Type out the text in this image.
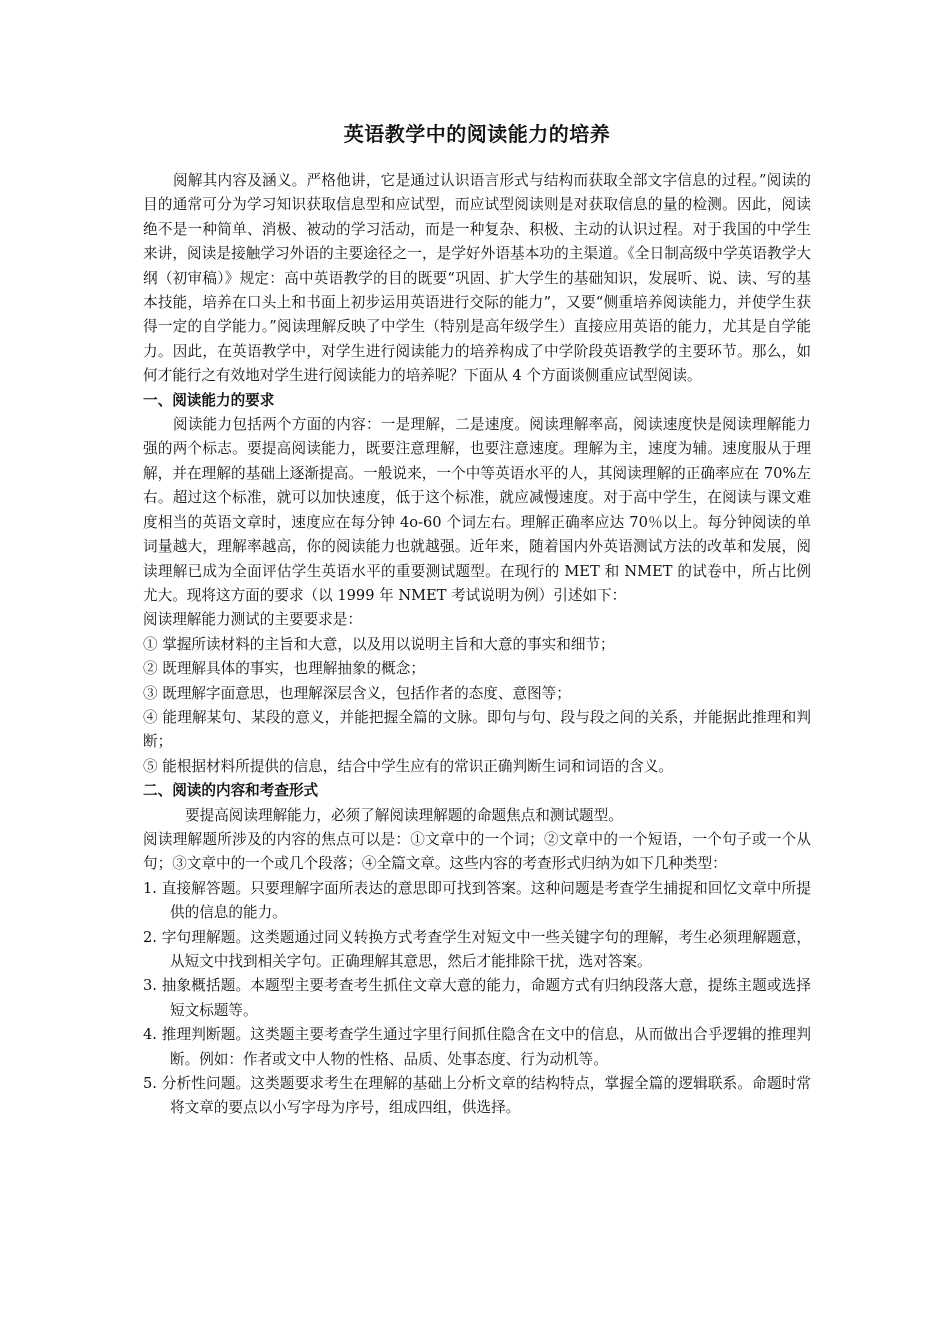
英语教学中的阅读能力的培养

阅解其内容及涵义。严格他讲，它是通过认识语言形式与结构而获取全部文字信息的过程。”阅读的目的通常可分为学习知识获取信息型和应试型，而应试型阅读则是对获取信息的量的检测。因此，阅读绝不是一种简单、消极、被动的学习活动，而是一种复杂、积极、主动的认识过程。对于我国的中学生来讲，阅读是接触学习外语的主要途径之一，是学好外语基本功的主渠道。《全日制高级中学英语教学大纲（初审稿）》规定：高中英语教学的目的既要“巩固、扩大学生的基础知识，发展听、说、读、写的基本技能，培养在口头上和书面上初步运用英语进行交际的能力”，又要“侧重培养阅读能力，并使学生获得一定的自学能力。”阅读理解反映了中学生（特别是高年级学生）直接应用英语的能力，尤其是自学能力。因此，在英语教学中，对学生进行阅读能力的培养构成了中学阶段英语教学的主要环节。那么，如何才能行之有效地对学生进行阅读能力的培养呢？下面从 4 个方面谈侧重应试型阅读。

一、阅读能力的要求

阅读能力包括两个方面的内容：一是理解，二是速度。阅读理解率高，阅读速度快是阅读理解能力强的两个标志。要提高阅读能力，既要注意理解，也要注意速度。理解为主，速度为辅。速度服从于理解，并在理解的基础上逐渐提高。一般说来，一个中等英语水平的人，其阅读理解的正确率应在 70%左右。超过这个标准，就可以加快速度，低于这个标准，就应减慢速度。对于高中学生，在阅读与课文难度相当的英语文章时，速度应在每分钟 4o-60 个词左右。理解正确率应达 70％以上。每分钟阅读的单词量越大，理解率越高，你的阅读能力也就越强。近年来，随着国内外英语测试方法的改革和发展，阅读理解已成为全面评估学生英语水平的重要测试题型。在现行的 MET 和 NMET 的试卷中，所占比例尤大。现将这方面的要求（以 1999 年 NMET 考试说明为例）引述如下：

阅读理解能力测试的主要要求是：

① 掌握所读材料的主旨和大意，以及用以说明主旨和大意的事实和细节；

② 既理解具体的事实，也理解抽象的概念；

③ 既理解字面意思，也理解深层含义，包括作者的态度、意图等；

④ 能理解某句、某段的意义，并能把握全篇的文脉。即句与句、段与段之间的关系，并能据此推理和判断；

⑤ 能根据材料所提供的信息，结合中学生应有的常识正确判断生词和词语的含义。

二、阅读的内容和考查形式

要提高阅读理解能力，必须了解阅读理解题的命题焦点和测试题型。

阅读理解题所涉及的内容的焦点可以是：①文章中的一个词；②文章中的一个短语，一个句子或一个从句；③文章中的一个或几个段落；④全篇文章。这些内容的考查形式归纳为如下几种类型：

1. 直接解答题。只要理解字面所表达的意思即可找到答案。这种问题是考查学生捕捉和回忆文章中所提供的信息的能力。

2. 字句理解题。这类题通过同义转换方式考查学生对短文中一些关键字句的理解，考生必须理解题意，从短文中找到相关字句。正确理解其意思，然后才能排除干扰，选对答案。

3. 抽象概括题。本题型主要考查考生抓住文章大意的能力，命题方式有归纳段落大意，提练主题或选择短文标题等。

4. 推理判断题。这类题主要考查学生通过字里行间抓住隐含在文中的信息，从而做出合乎逻辑的推理判断。例如：作者或文中人物的性格、品质、处事态度、行为动机等。

5. 分析性问题。这类题要求考生在理解的基础上分析文章的结构特点，掌握全篇的逻辑联系。命题时常将文章的要点以小写字母为序号，组成四组，供选择。
